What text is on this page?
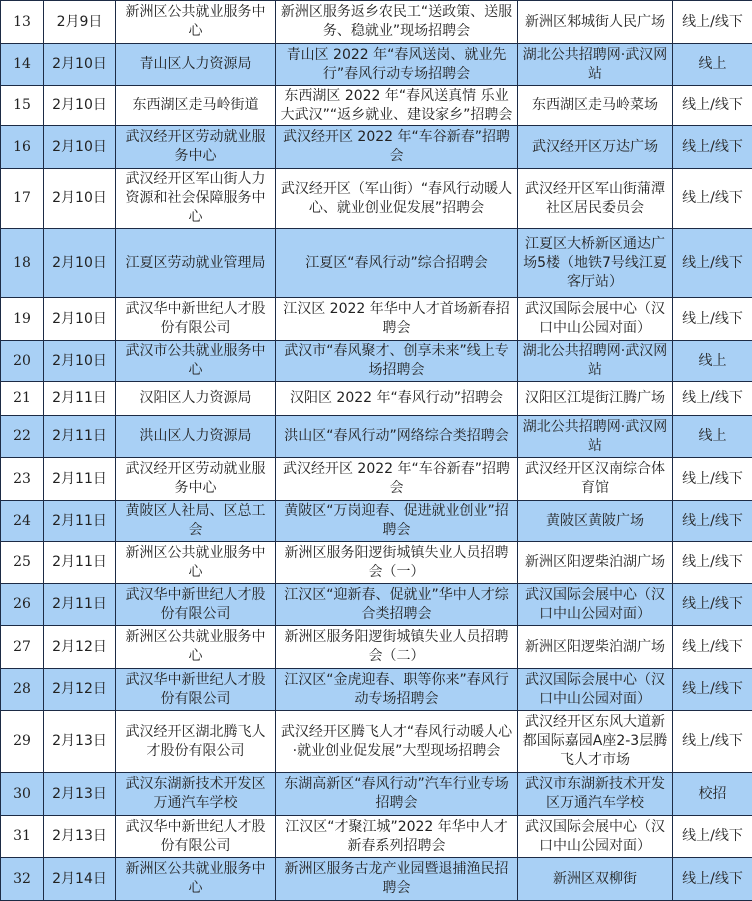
13	2月9日	新洲区公共就业服务中心	新洲区服务返乡农民工“送政策、送服务、稳就业”现场招聘会	新洲区邾城街人民广场	线上/线下
14	2月10日	青山区人力资源局	青山区 2022 年“春风送岗、就业先行”春风行动专场招聘会	湖北公共招聘网·武汉网站	线上
15	2月10日	东西湖区走马岭街道	东西湖区 2022 年“春风送真情 乐业大武汉”“返乡就业、建设家乡”招聘会	东西湖区走马岭菜场	线上/线下
16	2月10日	武汉经开区劳动就业服务中心	武汉经开区 2022 年“车谷新春”招聘会	武汉经开区万达广场	线上/线下
17	2月10日	武汉经开区军山街人力资源和社会保障服务中心	武汉经开区（军山街）“春风行动暖人心、就业创业促发展”招聘会	武汉经开区军山街蒲潭社区居民委员会	线上/线下
18	2月10日	江夏区劳动就业管理局	江夏区“春风行动”综合招聘会	江夏区大桥新区通达广场5楼（地铁7号线江夏客厅站）	线上/线下
19	2月10日	武汉华中新世纪人才股份有限公司	江汉区 2022 年华中人才首场新春招聘会	武汉国际会展中心（汉口中山公园对面）	线上/线下
20	2月10日	武汉市公共就业服务中心	武汉市“春风聚才、创享未来”线上专场招聘会	湖北公共招聘网·武汉网站	线上
21	2月11日	汉阳区人力资源局	汉阳区 2022 年“春风行动”招聘会	汉阳区江堤街江腾广场	线上/线下
22	2月11日	洪山区人力资源局	洪山区“春风行动”网络综合类招聘会	湖北公共招聘网·武汉网站	线上
23	2月11日	武汉经开区劳动就业服务中心	武汉经开区 2022 年“车谷新春”招聘会	武汉经开区汉南综合体育馆	线上/线下
24	2月11日	黄陂区人社局、区总工会	黄陂区“万岗迎春、促进就业创业”招聘会	黄陂区黄陂广场	线上/线下
25	2月11日	新洲区公共就业服务中心	新洲区服务阳逻街城镇失业人员招聘会（一）	新洲区阳逻柴泊湖广场	线上/线下
26	2月11日	武汉华中新世纪人才股份有限公司	江汉区“迎新春、促就业”华中人才综合类招聘会	武汉国际会展中心（汉口中山公园对面）	线上/线下
27	2月12日	新洲区公共就业服务中心	新洲区服务阳逻街城镇失业人员招聘会（二）	新洲区阳逻柴泊湖广场	线上/线下
28	2月12日	武汉华中新世纪人才股份有限公司	江汉区“金虎迎春、职等你来”春风行动专场招聘会	武汉国际会展中心（汉口中山公园对面）	线上/线下
29	2月13日	武汉经开区湖北腾飞人才股份有限公司	武汉经开区腾飞人才“春风行动暖人心·就业创业促发展”大型现场招聘会	武汉经开区东风大道新都国际嘉园A座2-3层腾飞人才市场	线上/线下
30	2月13日	武汉东湖新技术开发区万通汽车学校	东湖高新区“春风行动”汽车行业专场招聘会	武汉市东湖新技术开发区万通汽车学校	校招
31	2月13日	武汉华中新世纪人才股份有限公司	江汉区“才聚江城”2022 年华中人才新春系列招聘会	武汉国际会展中心（汉口中山公园对面）	线上/线下
32	2月14日	新洲区公共就业服务中心	新洲区服务古龙产业园暨退捕渔民招聘会	新洲区双柳街	线上/线下
